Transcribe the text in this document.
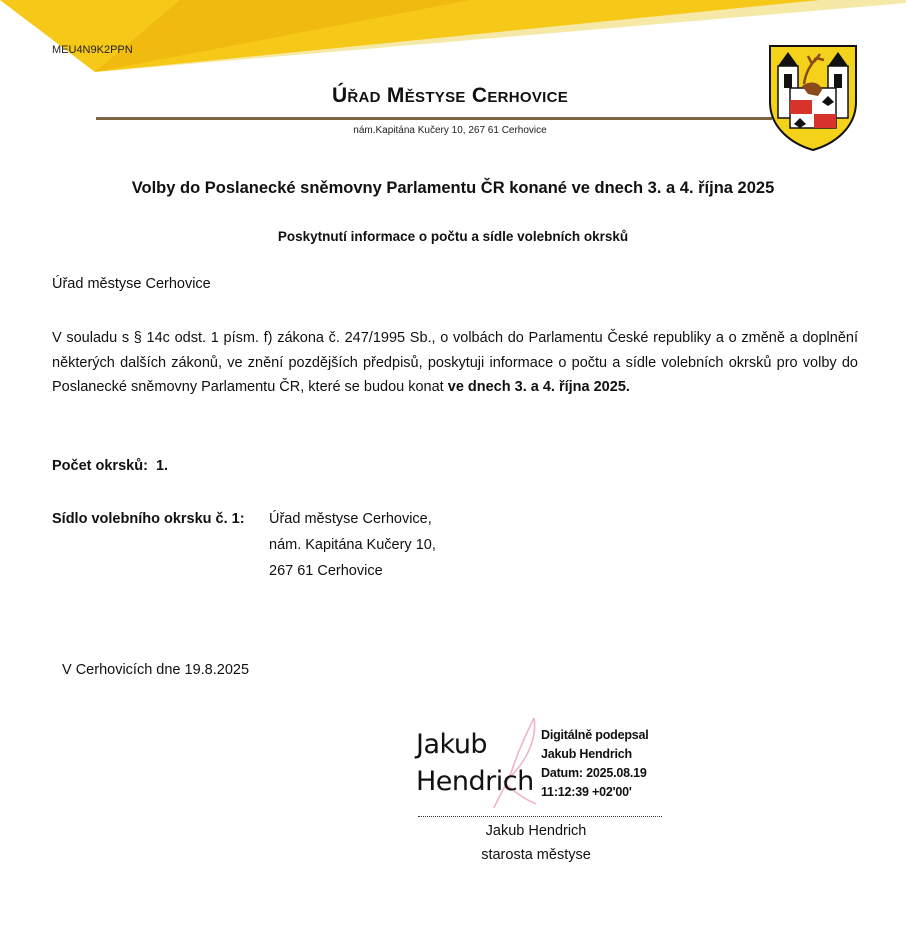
MEU4N9K2PPN
Úřad Městyse Cerhovice
nám.Kapitána Kučery 10, 267 61 Cerhovice
Volby do Poslanecké sněmovny Parlamentu ČR konané ve dnech 3. a 4. října 2025
Poskytnutí informace o počtu a sídle volebních okrsků
Úřad městyse Cerhovice

V souladu s § 14c odst. 1 písm. f) zákona č. 247/1995 Sb., o volbách do Parlamentu České republiky a o změně a doplnění některých dalších zákonů, ve znění pozdějších předpisů, poskytuji informace o počtu a sídle volebních okrsků pro volby do Poslanecké sněmovny Parlamentu ČR, které se budou konat ve dnech 3. a 4. října 2025.

Počet okrsků: 1.
Sídlo volebního okrsku č. 1: Úřad městyse Cerhovice,
nám. Kapitána Kučery 10,
267 61 Cerhovice
V Cerhovicích dne 19.8.2025
Jakub
Hendrich
Digitálně podepsal
Jakub Hendrich
Datum: 2025.08.19
11:12:39 +02'00'
Jakub Hendrich
starosta městyse
